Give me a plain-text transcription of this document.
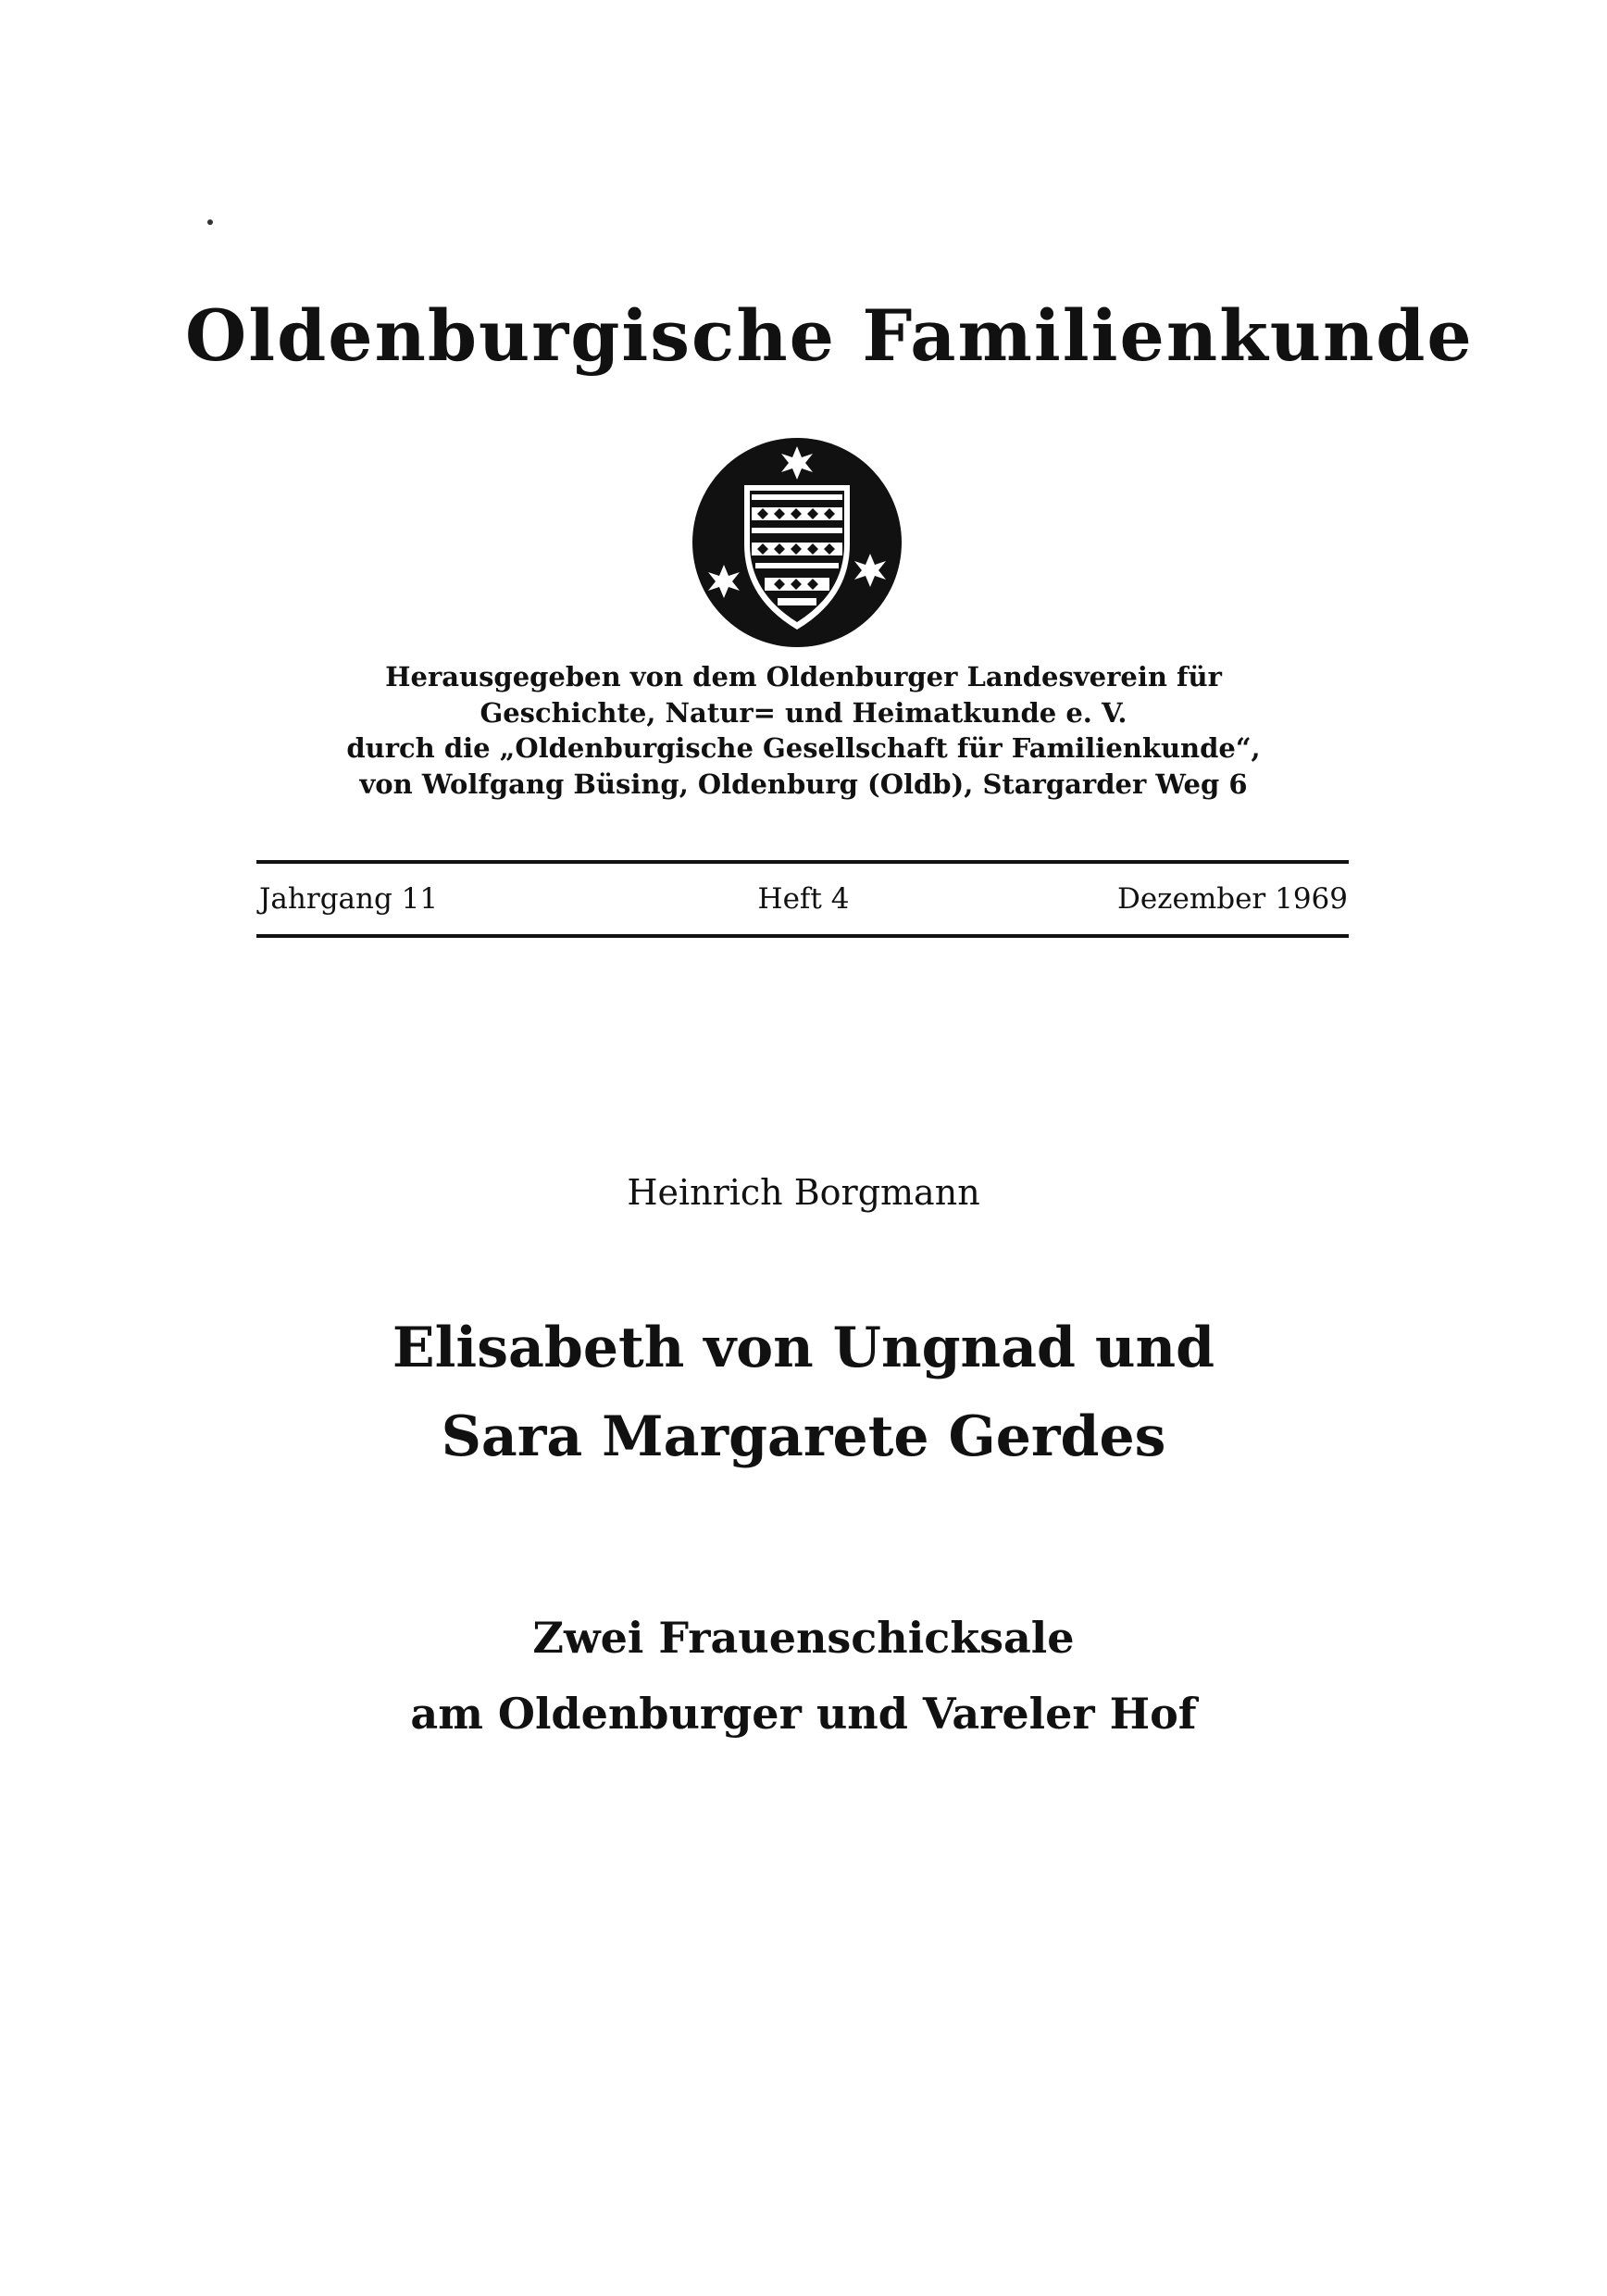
Oldenburgische Familienkunde
Herausgegeben von dem Oldenburger Landesverein für
Geschichte, Natur= und Heimatkunde e. V.
durch die „Oldenburgische Gesellschaft für Familienkunde“,
von Wolfgang Büsing, Oldenburg (Oldb), Stargarder Weg 6
Jahrgang 11	Heft 4	Dezember 1969
Heinrich Borgmann
Elisabeth von Ungnad und
Sara Margarete Gerdes
Zwei Frauenschicksale
am Oldenburger und Vareler Hof
